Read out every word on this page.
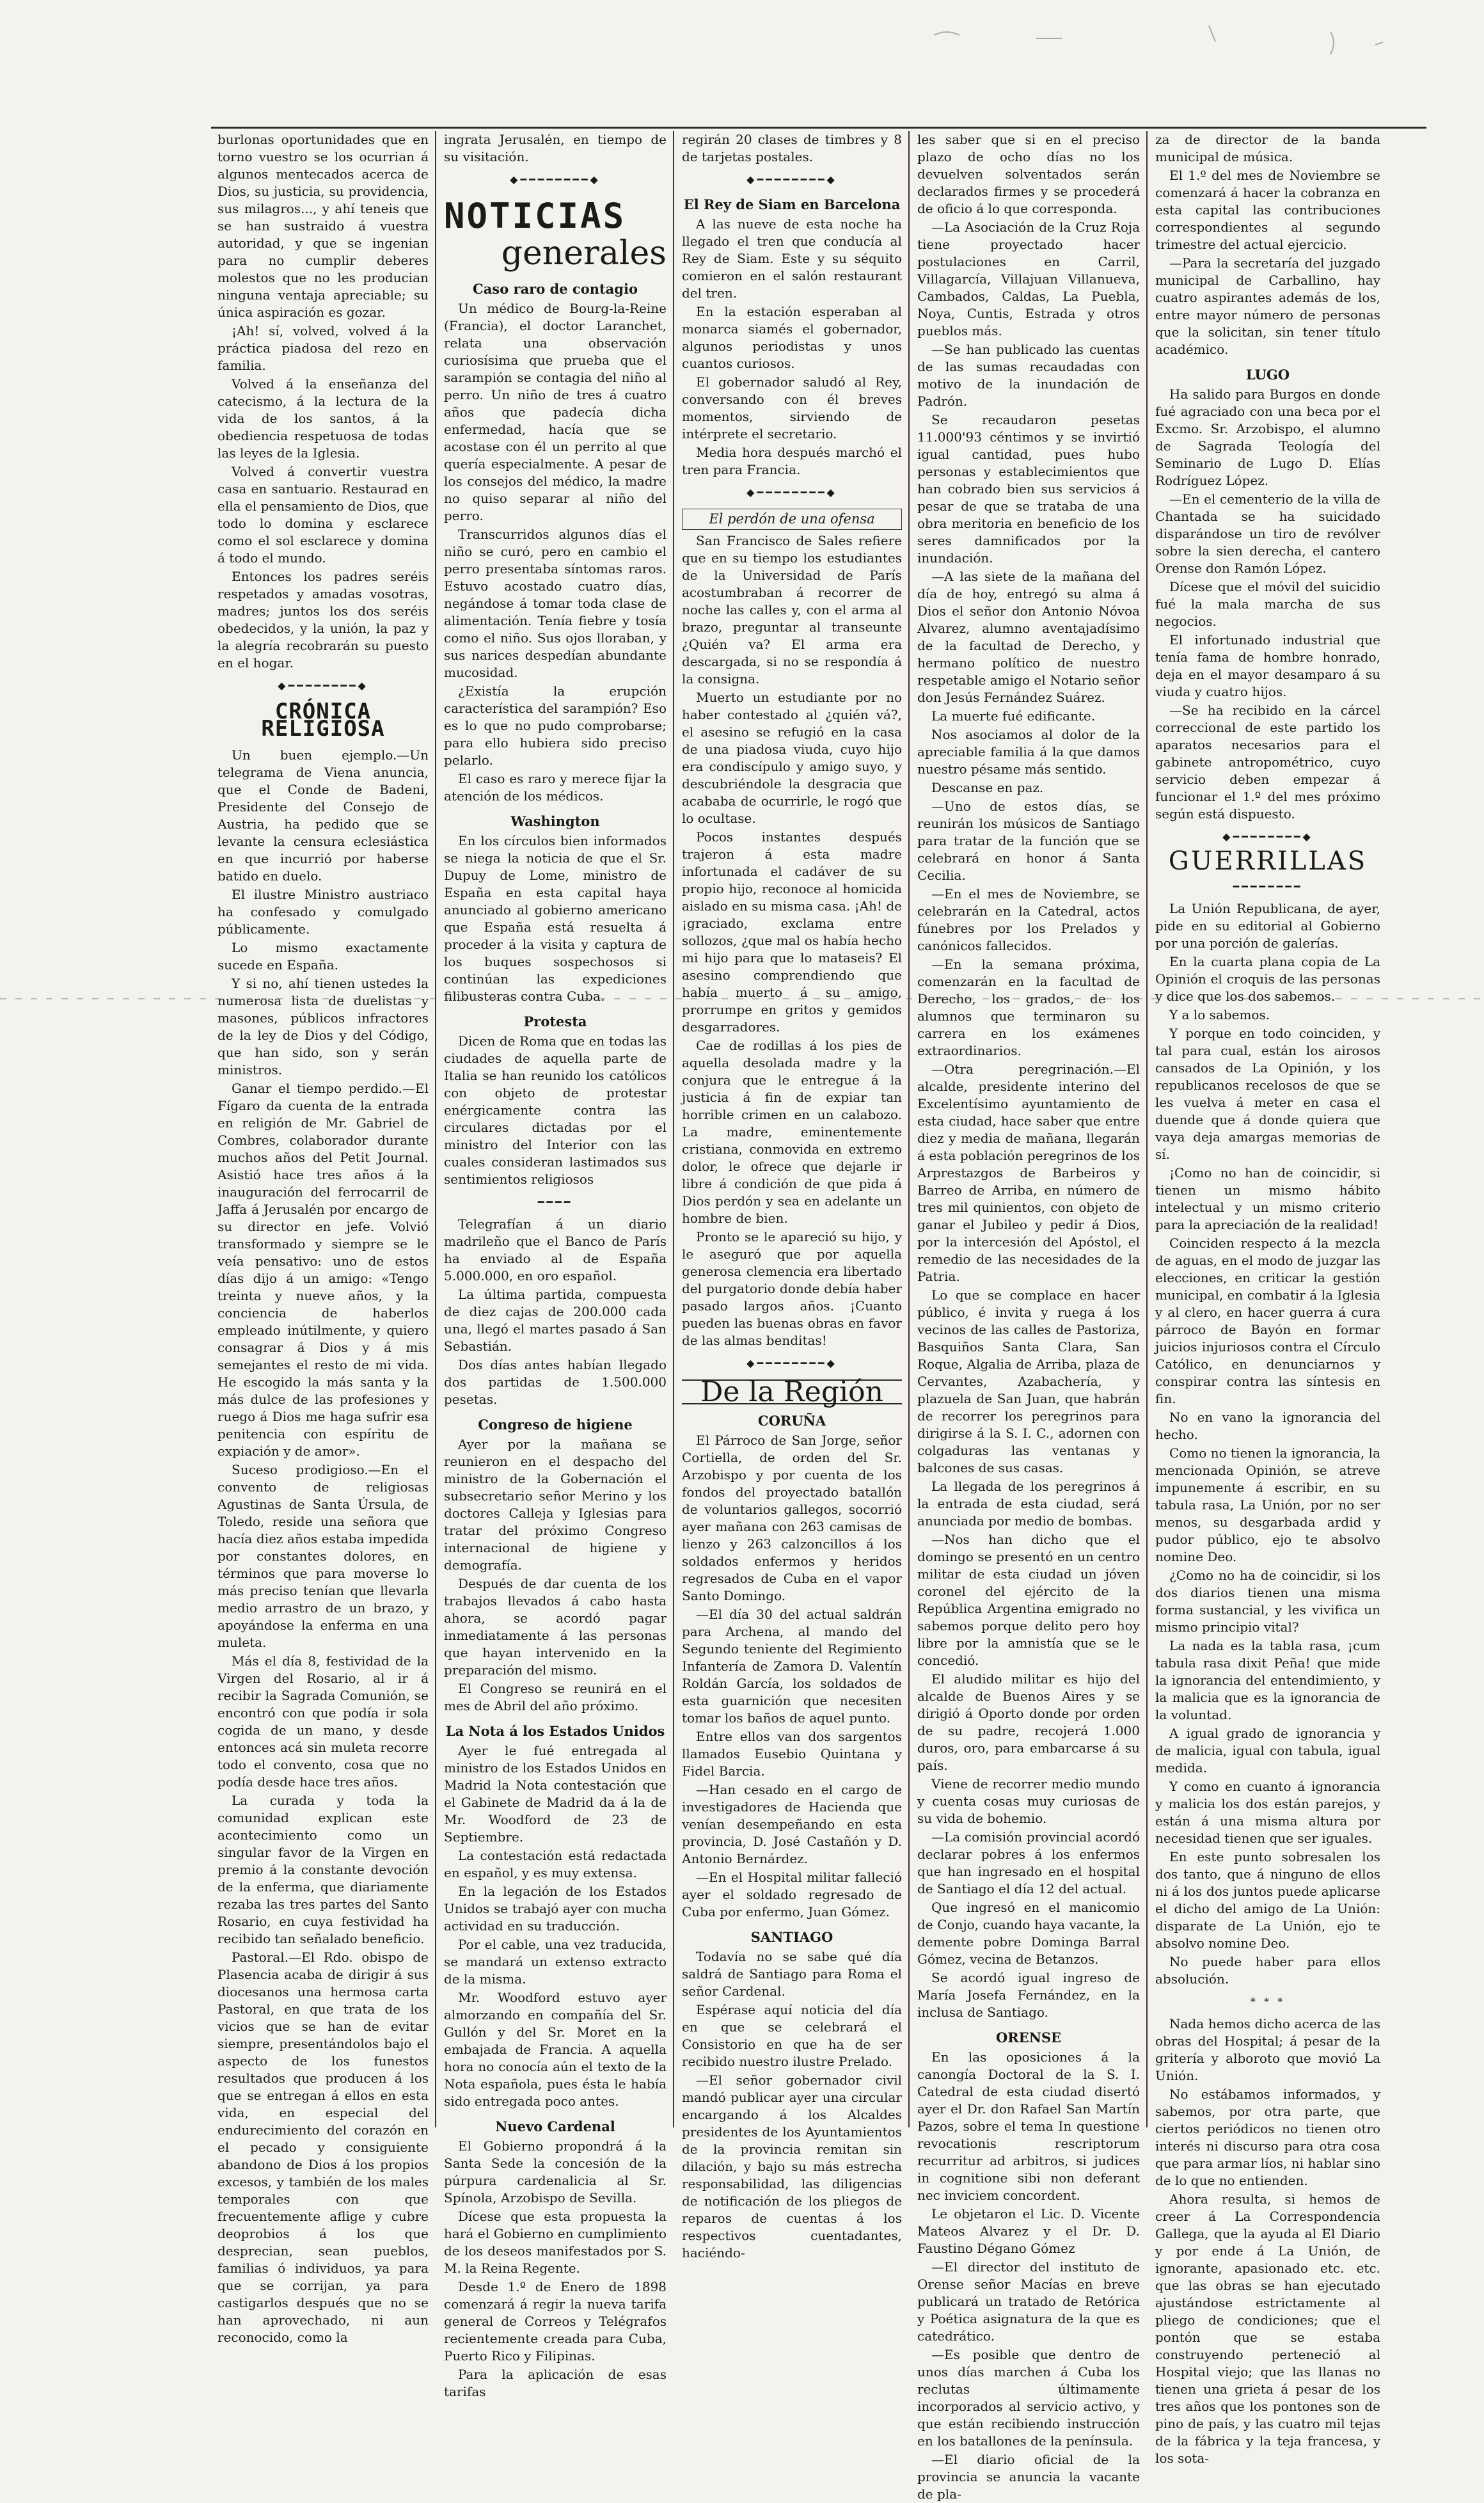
burlonas oportunidades que en torno vuestro se los ocurrian á algunos mentecados acerca de Dios, su justicia, su providencia, sus milagros..., y ahí teneis que se han sustraido á vuestra autoridad, y que se ingenian para no cumplir deberes molestos que no les producian ninguna ventaja apreciable; su única aspiración es gozar.

¡Ah! sí, volved, volved á la práctica piadosa del rezo en familia.

Volved á la enseñanza del catecismo, á la lectura de la vida de los santos, á la obediencia respetuosa de todas las leyes de la Iglesia.

Volved á convertir vuestra casa en santuario. Restaurad en ella el pensamiento de Dios, que todo lo domina y esclarece como el sol esclarece y domina á todo el mundo.

Entonces los padres seréis respetados y amadas vosotras, madres; juntos los dos seréis obedecidos, y la unión, la paz y la alegría recobrarán su puesto en el hogar.

◆━━━━━━━━◆
CRÓNICA RELIGIOSA

Un buen ejemplo.—Un telegrama de Viena anuncia, que el Conde de Badeni, Presidente del Consejo de Austria, ha pedido que se levante la censura eclesiástica en que incurrió por haberse batido en duelo.

El ilustre Ministro austriaco ha confesado y comulgado públicamente.

Lo mismo exactamente sucede en España.

Y si no, ahí tienen ustedes la numerosa lista de duelistas y masones, públicos infractores de la ley de Dios y del Código, que han sido, son y serán ministros.

Ganar el tiempo perdido.—El Fígaro da cuenta de la entrada en religión de Mr. Gabriel de Combres, colaborador durante muchos años del Petit Journal. Asistió hace tres años á la inauguración del ferrocarril de Jaffa á Jerusalén por encargo de su director en jefe. Volvió transformado y siempre se le veía pensativo: uno de estos días dijo á un amigo: «Tengo treinta y nueve años, y la conciencia de haberlos empleado inútilmente, y quiero consagrar á Dios y á mis semejantes el resto de mi vida. He escogido la más santa y la más dulce de las profesiones y ruego á Dios me haga sufrir esa penitencia con espíritu de expiación y de amor».

Suceso prodigioso.—En el convento de religiosas Agustinas de Santa Úrsula, de Toledo, reside una señora que hacía diez años estaba impedida por constantes dolores, en términos que para moverse lo más preciso tenían que llevarla medio arrastro de un brazo, y apoyándose la enferma en una muleta.

Más el día 8, festividad de la Virgen del Rosario, al ir á recibir la Sagrada Comunión, se encontró con que podía ir sola cogida de un mano, y desde entonces acá sin muleta recorre todo el convento, cosa que no podía desde hace tres años.

La curada y toda la comunidad explican este acontecimiento como un singular favor de la Virgen en premio á la constante devoción de la enferma, que diariamente rezaba las tres partes del Santo Rosario, en cuya festividad ha recibido tan señalado beneficio.

Pastoral.—El Rdo. obispo de Plasencia acaba de dirigir á sus diocesanos una hermosa carta Pastoral, en que trata de los vicios que se han de evitar siempre, presentándolos bajo el aspecto de los funestos resultados que producen á los que se entregan á ellos en esta vida, en especial del endurecimiento del corazón en el pecado y consiguiente abandono de Dios á los propios excesos, y también de los males temporales con que frecuentemente aflige y cubre deoprobios á los que desprecian, sean pueblos, familias ó individuos, ya para que se corrijan, ya para castigarlos después que no se han aprovechado, ni aun reconocido, como la

ingrata Jerusalén, en tiempo de su visitación.

◆━━━━━━━━◆
NOTICIAS
generales
Caso raro de contagio

Un médico de Bourg-la-Reine (Francia), el doctor Laranchet, relata una observación curiosísima que prueba que el sarampión se contagia del niño al perro. Un niño de tres á cuatro años que padecía dicha enfermedad, hacía que se acostase con él un perrito al que quería especialmente. A pesar de los consejos del médico, la madre no quiso separar al niño del perro.

Transcurridos algunos días el niño se curó, pero en cambio el perro presentaba síntomas raros. Estuvo acostado cuatro días, negándose á tomar toda clase de alimentación. Tenía fiebre y tosía como el niño. Sus ojos lloraban, y sus narices despedían abundante mucosidad.

¿Existía la erupción característica del sarampión? Eso es lo que no pudo comprobarse; para ello hubiera sido preciso pelarlo.

El caso es raro y merece fijar la atención de los médicos.

Washington

En los círculos bien informados se niega la noticia de que el Sr. Dupuy de Lome, ministro de España en esta capital haya anunciado al gobierno americano que España está resuelta á proceder á la visita y captura de los buques sospechosos si continúan las expediciones filibusteras contra Cuba.

Protesta

Dicen de Roma que en todas las ciudades de aquella parte de Italia se han reunido los católicos con objeto de protestar enérgicamente contra las circulares dictadas por el ministro del Interior con las cuales consideran lastimados sus sentimientos religiosos

━━━━

Telegrafían á un diario madrileño que el Banco de París ha enviado al de España 5.000.000, en oro español.

La última partida, compuesta de diez cajas de 200.000 cada una, llegó el martes pasado á San Sebastián.

Dos días antes habían llegado dos partidas de 1.500.000 pesetas.

Congreso de higiene

Ayer por la mañana se reunieron en el despacho del ministro de la Gobernación el subsecretario señor Merino y los doctores Calleja y Iglesias para tratar del próximo Congreso internacional de higiene y demografía.

Después de dar cuenta de los trabajos llevados á cabo hasta ahora, se acordó pagar inmediatamente á las personas que hayan intervenido en la preparación del mismo.

El Congreso se reunirá en el mes de Abril del año próximo.

La Nota á los Estados Unidos

Ayer le fué entregada al ministro de los Estados Unidos en Madrid la Nota contestación que el Gabinete de Madrid da á la de Mr. Woodford de 23 de Septiembre.

La contestación está redactada en español, y es muy extensa.

En la legación de los Estados Unidos se trabajó ayer con mucha actividad en su traducción.

Por el cable, una vez traducida, se mandará un extenso extracto de la misma.

Mr. Woodford estuvo ayer almorzando en compañía del Sr. Gullón y del Sr. Moret en la embajada de Francia. A aquella hora no conocía aún el texto de la Nota española, pues ésta le había sido entregada poco antes.

Nuevo Cardenal

El Gobierno propondrá á la Santa Sede la concesión de la púrpura cardenalicia al Sr. Spínola, Arzobispo de Sevilla.

Dícese que esta propuesta la hará el Gobierno en cumplimiento de los deseos manifestados por S. M. la Reina Regente.

Desde 1.º de Enero de 1898 comenzará á regir la nueva tarifa general de Correos y Telégrafos recientemente creada para Cuba, Puerto Rico y Filipinas.

Para la aplicación de esas tarifas

regirán 20 clases de timbres y 8 de tarjetas postales.

◆━━━━━━━━◆
El Rey de Siam en Barcelona

A las nueve de esta noche ha llegado el tren que conducía al Rey de Siam. Este y su séquito comieron en el salón restaurant del tren.

En la estación esperaban al monarca siamés el gobernador, algunos periodistas y unos cuantos curiosos.

El gobernador saludó al Rey, conversando con él breves momentos, sirviendo de intérprete el secretario.

Media hora después marchó el tren para Francia.

◆━━━━━━━━◆
El perdón de una ofensa

San Francisco de Sales refiere que en su tiempo los estudiantes de la Universidad de París acostumbraban á recorrer de noche las calles y, con el arma al brazo, preguntar al transeunte ¿Quién va? El arma era descargada, si no se respondía á la consigna.

Muerto un estudiante por no haber contestado al ¿quién vá?, el asesino se refugió en la casa de una piadosa viuda, cuyo hijo era condiscípulo y amigo suyo, y descubriéndole la desgracia que acababa de ocurrirle, le rogó que lo ocultase.

Pocos instantes después trajeron á esta madre infortunada el cadáver de su propio hijo, reconoce al homicida aislado en su misma casa. ¡Ah! de ¡graciado, exclama entre sollozos, ¿que mal os había hecho mi hijo para que lo mataseis? El asesino comprendiendo que había muerto á su amigo, prorrumpe en gritos y gemidos desgarradores.

Cae de rodillas á los pies de aquella desolada madre y la conjura que le entregue á la justicia á fin de expiar tan horrible crimen en un calabozo. La madre, eminentemente cristiana, conmovida en extremo dolor, le ofrece que dejarle ir libre á condición de que pida á Dios perdón y sea en adelante un hombre de bien.

Pronto se le apareció su hijo, y le aseguró que por aquella generosa clemencia era libertado del purgatorio donde debía haber pasado largos años. ¡Cuanto pueden las buenas obras en favor de las almas benditas!

◆━━━━━━━━◆
De la Región
CORUÑA

El Párroco de San Jorge, señor Cortiella, de orden del Sr. Arzobispo y por cuenta de los fondos del proyectado batallón de voluntarios gallegos, socorrió ayer mañana con 263 camisas de lienzo y 263 calzoncillos á los soldados enfermos y heridos regresados de Cuba en el vapor Santo Domingo.

—El día 30 del actual saldrán para Archena, al mando del Segundo teniente del Regimiento Infantería de Zamora D. Valentín Roldán García, los soldados de esta guarnición que necesiten tomar los baños de aquel punto.

Entre ellos van dos sargentos llamados Eusebio Quintana y Fidel Barcia.

—Han cesado en el cargo de investigadores de Hacienda que venían desempeñando en esta provincia, D. José Castañón y D. Antonio Bernárdez.

—En el Hospital militar falleció ayer el soldado regresado de Cuba por enfermo, Juan Gómez.

SANTIAGO

Todavía no se sabe qué día saldrá de Santiago para Roma el señor Cardenal.

Espérase aquí noticia del día en que se celebrará el Consistorio en que ha de ser recibido nuestro ilustre Prelado.

—El señor gobernador civil mandó publicar ayer una circular encargando á los Alcaldes presidentes de los Ayuntamientos de la provincia remitan sin dilación, y bajo su más estrecha responsabilidad, las diligencias de notificación de los pliegos de reparos de cuentas á los respectivos cuentadantes, haciéndo-

les saber que si en el preciso plazo de ocho días no los devuelven solventados serán declarados firmes y se procederá de oficio á lo que corresponda.

—La Asociación de la Cruz Roja tiene proyectado hacer postulaciones en Carril, Villagarcía, Villajuan Villanueva, Cambados, Caldas, La Puebla, Noya, Cuntis, Estrada y otros pueblos más.

—Se han publicado las cuentas de las sumas recaudadas con motivo de la inundación de Padrón.

Se recaudaron pesetas 11.000'93 céntimos y se invirtió igual cantidad, pues hubo personas y establecimientos que han cobrado bien sus servicios á pesar de que se trataba de una obra meritoria en beneficio de los seres damnificados por la inundación.

—A las siete de la mañana del día de hoy, entregó su alma á Dios el señor don Antonio Nóvoa Alvarez, alumno aventajadísimo de la facultad de Derecho, y hermano político de nuestro respetable amigo el Notario señor don Jesús Fernández Suárez.

La muerte fué edificante.

Nos asociamos al dolor de la apreciable familia á la que damos nuestro pésame más sentido.

Descanse en paz.

—Uno de estos días, se reunirán los músicos de Santiago para tratar de la función que se celebrará en honor á Santa Cecilia.

—En el mes de Noviembre, se celebrarán en la Catedral, actos fúnebres por los Prelados y canónicos fallecidos.

—En la semana próxima, comenzarán en la facultad de Derecho, los grados, de los alumnos que terminaron su carrera en los exámenes extraordinarios.

—Otra peregrinación.—El alcalde, presidente interino del Excelentísimo ayuntamiento de esta ciudad, hace saber que entre diez y media de mañana, llegarán á esta población peregrinos de los Arprestazgos de Barbeiros y Barreo de Arriba, en número de tres mil quinientos, con objeto de ganar el Jubileo y pedir á Dios, por la intercesión del Apóstol, el remedio de las necesidades de la Patria.

Lo que se complace en hacer público, é invita y ruega á los vecinos de las calles de Pastoriza, Basquiños Santa Clara, San Roque, Algalia de Arriba, plaza de Cervantes, Azabachería, y plazuela de San Juan, que habrán de recorrer los peregrinos para dirigirse á la S. I. C., adornen con colgaduras las ventanas y balcones de sus casas.

La llegada de los peregrinos á la entrada de esta ciudad, será anunciada por medio de bombas.

—Nos han dicho que el domingo se presentó en un centro militar de esta ciudad un jóven coronel del ejército de la República Argentina emigrado no sabemos porque delito pero hoy libre por la amnistía que se le concedió.

El aludido militar es hijo del alcalde de Buenos Aires y se dirigió á Oporto donde por orden de su padre, recojerá 1.000 duros, oro, para embarcarse á su país.

Viene de recorrer medio mundo y cuenta cosas muy curiosas de su vida de bohemio.

—La comisión provincial acordó declarar pobres á los enfermos que han ingresado en el hospital de Santiago el día 12 del actual.

Que ingresó en el manicomio de Conjo, cuando haya vacante, la demente pobre Dominga Barral Gómez, vecina de Betanzos.

Se acordó igual ingreso de María Josefa Fernández, en la inclusa de Santiago.

ORENSE

En las oposiciones á la canongía Doctoral de la S. I. Catedral de esta ciudad disertó ayer el Dr. don Rafael San Martín Pazos, sobre el tema In questione revocationis rescriptorum recurritur ad arbitros, si judices in cognitione sibi non deferant nec inviciem concordent.

Le objetaron el Lic. D. Vicente Mateos Alvarez y el Dr. D. Faustino Dégano Gómez

—El director del instituto de Orense señor Macías en breve publicará un tratado de Retórica y Poética asignatura de la que es catedrático.

—Es posible que dentro de unos días marchen á Cuba los reclutas últimamente incorporados al servicio activo, y que están recibiendo instrucción en los batallones de la península.

—El diario oficial de la provincia se anuncia la vacante de pla-

za de director de la banda municipal de música.

El 1.º del mes de Noviembre se comenzará á hacer la cobranza en esta capital las contribuciones correspondientes al segundo trimestre del actual ejercicio.

—Para la secretaría del juzgado municipal de Carballino, hay cuatro aspirantes además de los, entre mayor número de personas que la solicitan, sin tener título académico.

LUGO

Ha salido para Burgos en donde fué agraciado con una beca por el Excmo. Sr. Arzobispo, el alumno de Sagrada Teología del Seminario de Lugo D. Elías Rodríguez López.

—En el cementerio de la villa de Chantada se ha suicidado disparándose un tiro de revólver sobre la sien derecha, el cantero Orense don Ramón López.

Dícese que el móvil del suicidio fué la mala marcha de sus negocios.

El infortunado industrial que tenía fama de hombre honrado, deja en el mayor desamparo á su viuda y cuatro hijos.

—Se ha recibido en la cárcel correccional de este partido los aparatos necesarios para el gabinete antropométrico, cuyo servicio deben empezar á funcionar el 1.º del mes próximo según está dispuesto.

◆━━━━━━━━◆
GUERRILLAS
━━━━━━━━

La Unión Republicana, de ayer, pide en su editorial al Gobierno por una porción de galerías.

En la cuarta plana copia de La Opinión el croquis de las personas y dice que los dos sabemos.

Y a lo sabemos.

Y porque en todo coinciden, y tal para cual, están los airosos cansados de La Opinión, y los republicanos recelosos de que se les vuelva á meter en casa el duende que á donde quiera que vaya deja amargas memorias de sí.

¡Como no han de coincidir, si tienen un mismo hábito intelectual y un mismo criterio para la apreciación de la realidad!

Coinciden respecto á la mezcla de aguas, en el modo de juzgar las elecciones, en criticar la gestión municipal, en combatir á la Iglesia y al clero, en hacer guerra á cura párroco de Bayón en formar juicios injuriosos contra el Círculo Católico, en denunciarnos y conspirar contra las síntesis en fin.

No en vano la ignorancia del hecho.

Como no tienen la ignorancia, la mencionada Opinión, se atreve impunemente á escribir, en su tabula rasa, La Unión, por no ser menos, su desgarbada ardid y pudor público, ejo te absolvo nomine Deo.

¿Como no ha de coincidir, si los dos diarios tienen una misma forma sustancial, y les vivifica un mismo principio vital?

La nada es la tabla rasa, ¡cum tabula rasa dixit Peña! que mide la ignorancia del entendimiento, y la malicia que es la ignorancia de la voluntad.

A igual grado de ignorancia y de malicia, igual con tabula, igual medida.

Y como en cuanto á ignorancia y malicia los dos están parejos, y están á una misma altura por necesidad tienen que ser iguales.

En este punto sobresalen los dos tanto, que á ninguno de ellos ni á los dos juntos puede aplicarse el dicho del amigo de La Unión: disparate de La Unión, ejo te absolvo nomine Deo.

No puede haber para ellos absolución.

* * *

Nada hemos dicho acerca de las obras del Hospital; á pesar de la gritería y alboroto que movió La Unión.

No estábamos informados, y sabemos, por otra parte, que ciertos periódicos no tienen otro interés ni discurso para otra cosa que para armar líos, ni hablar sino de lo que no entienden.

Ahora resulta, si hemos de creer á La Correspondencia Gallega, que la ayuda al El Diario y por ende á La Unión, de ignorante, apasionado etc. etc. que las obras se han ejecutado ajustándose estrictamente al pliego de condiciones; que el pontón que se estaba construyendo perteneció al Hospital viejo; que las llanas no tienen una grieta á pesar de los tres años que los pontones son de pino de país, y las cuatro mil tejas de la fábrica y la teja francesa, y los sota-
